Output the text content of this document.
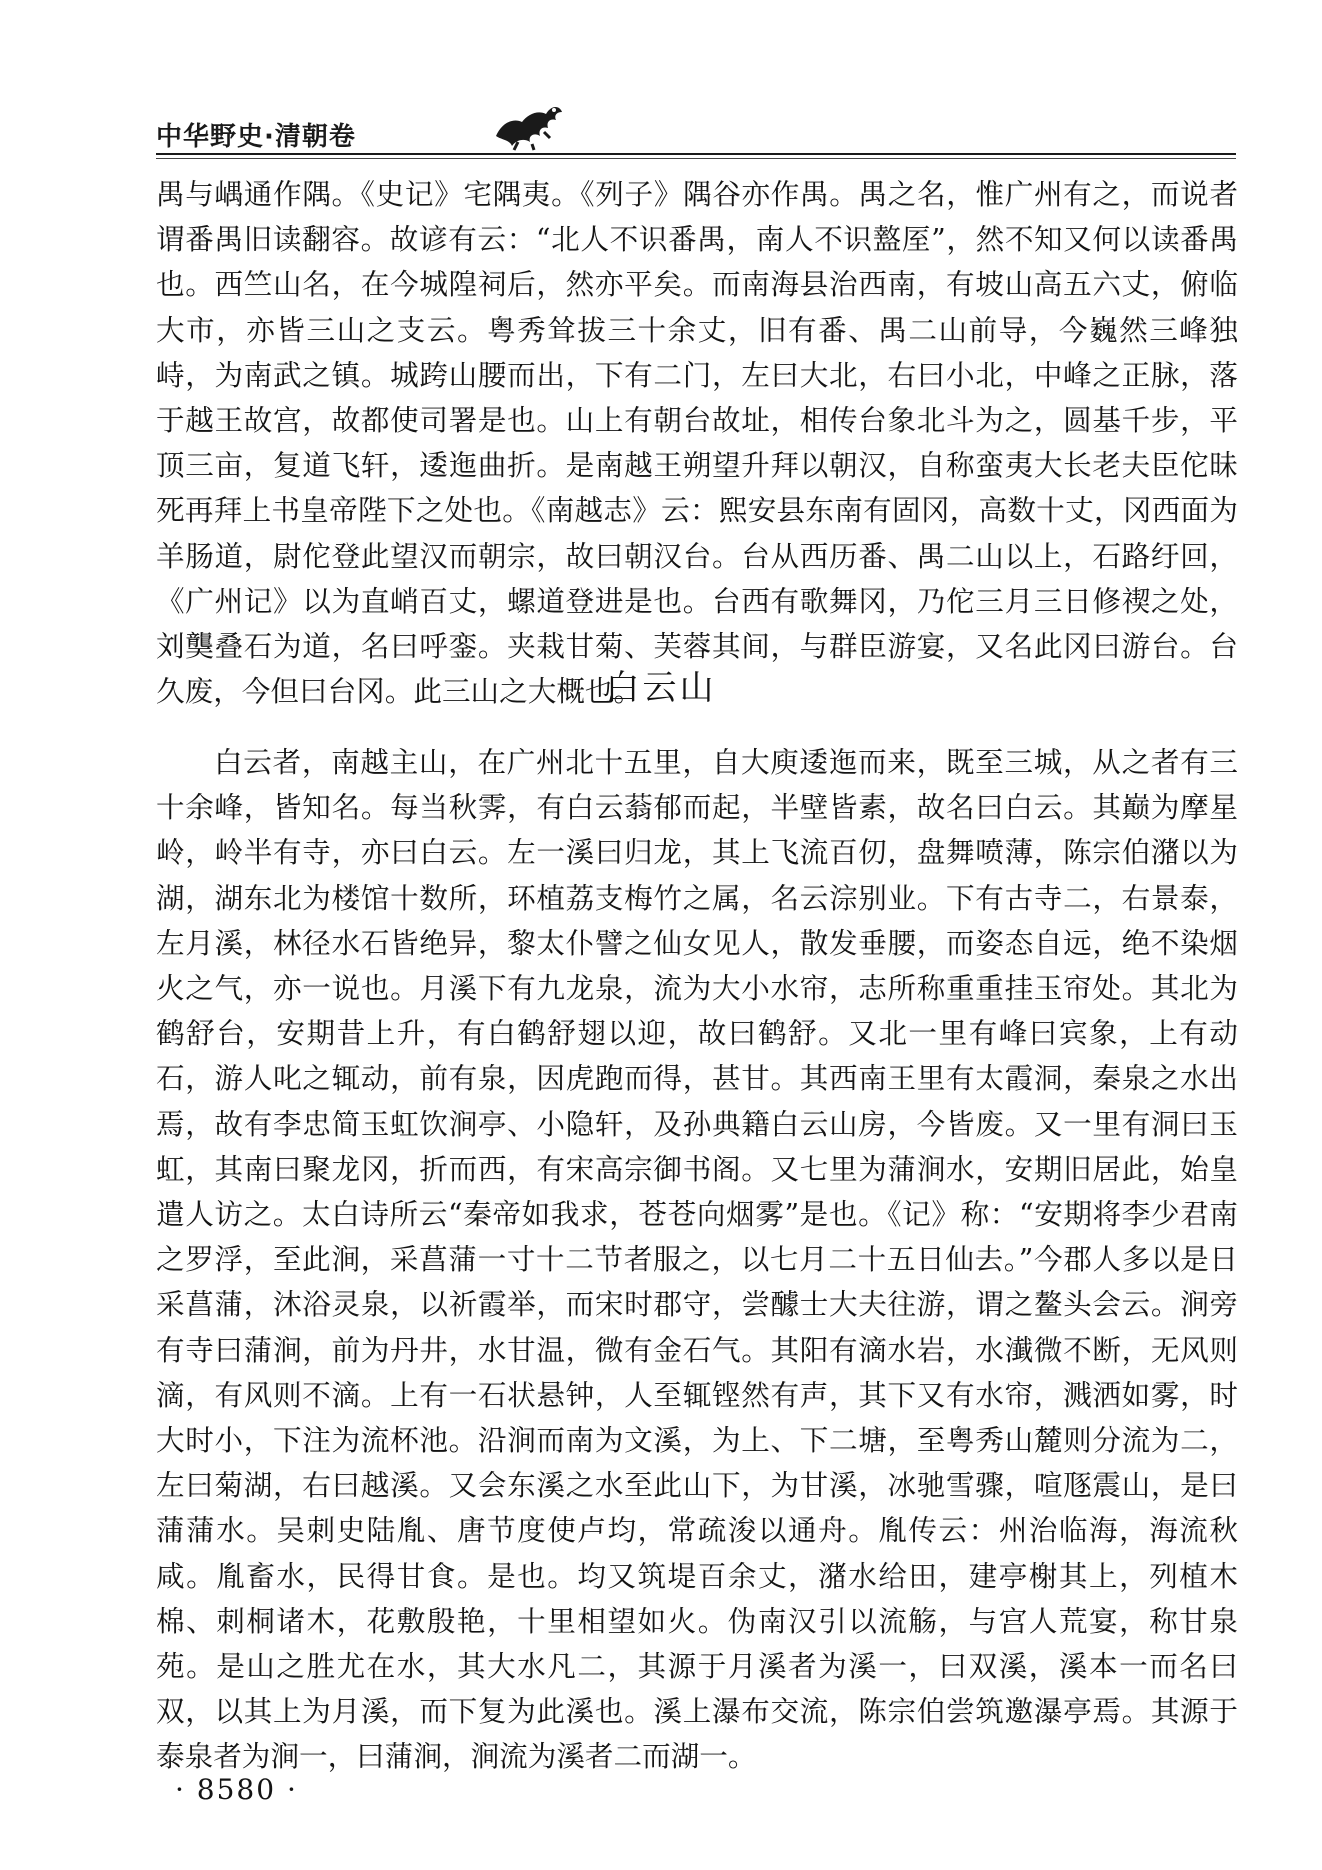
中华野史·清朝卷

禺与嵎通作隅。《史记》宅隅夷。《列子》隅谷亦作禺。禺之名，惟广州有之，而说者谓番禺旧读翻容。故谚有云：“北人不识番禺，南人不识盩厔”，然不知又何以读番禺也。西竺山名，在今城隍祠后，然亦平矣。而南海县治西南，有坡山高五六丈，俯临大市，亦皆三山之支云。粤秀耸拔三十余丈，旧有番、禺二山前导，今巍然三峰独峙，为南武之镇。城跨山腰而出，下有二门，左曰大北，右曰小北，中峰之正脉，落于越王故宫，故都使司署是也。山上有朝台故址，相传台象北斗为之，圆基千步，平顶三亩，复道飞轩，逶迤曲折。是南越王朔望升拜以朝汉，自称蛮夷大长老夫臣佗昧死再拜上书皇帝陛下之处也。《南越志》云：熙安县东南有固冈，高数十丈，冈西面为羊肠道，尉佗登此望汉而朝宗，故曰朝汉台。台从西历番、禺二山以上，石路纡回，《广州记》以为直峭百丈，螺道登进是也。台西有歌舞冈，乃佗三月三日修禊之处，刘龑叠石为道，名曰呼銮。夹栽甘菊、芙蓉其间，与群臣游宴，又名此冈曰游台。台久废，今但曰台冈。此三山之大概也。

白云山

白云者，南越主山，在广州北十五里，自大庾逶迤而来，既至三城，从之者有三十余峰，皆知名。每当秋霁，有白云蓊郁而起，半壁皆素，故名曰白云。其巅为摩星岭，岭半有寺，亦曰白云。左一溪曰归龙，其上飞流百仞，盘舞喷薄，陈宗伯潴以为湖，湖东北为楼馆十数所，环植荔支梅竹之属，名云淙别业。下有古寺二，右景泰，左月溪，林径水石皆绝异，黎太仆譬之仙女见人，散发垂腰，而姿态自远，绝不染烟火之气，亦一说也。月溪下有九龙泉，流为大小水帘，志所称重重挂玉帘处。其北为鹤舒台，安期昔上升，有白鹤舒翅以迎，故曰鹤舒。又北一里有峰曰宾象，上有动石，游人叱之辄动，前有泉，因虎跑而得，甚甘。其西南王里有太霞洞，秦泉之水出焉，故有李忠简玉虹饮涧亭、小隐轩，及孙典籍白云山房，今皆废。又一里有洞曰玉虹，其南曰聚龙冈，折而西，有宋高宗御书阁。又七里为蒲涧水，安期旧居此，始皇遣人访之。太白诗所云“秦帝如我求，苍苍向烟雾”是也。《记》称：“安期将李少君南之罗浮，至此涧，采菖蒲一寸十二节者服之，以七月二十五日仙去。”今郡人多以是日采菖蒲，沐浴灵泉，以祈霞举，而宋时郡守，尝醵士大夫往游，谓之鳌头会云。涧旁有寺曰蒲涧，前为丹井，水甘温，微有金石气。其阳有滴水岩，水瀐微不断，无风则滴，有风则不滴。上有一石状悬钟，人至辄铿然有声，其下又有水帘，溅洒如雾，时大时小，下注为流杯池。沿涧而南为文溪，为上、下二塘，至粤秀山麓则分流为二，左曰菊湖，右曰越溪。又会东溪之水至此山下，为甘溪，冰驰雪骤，喧豗震山，是曰蒲蒲水。吴刺史陆胤、唐节度使卢均，常疏浚以通舟。胤传云：州治临海，海流秋咸。胤畜水，民得甘食。是也。均又筑堤百余丈，潴水给田，建亭榭其上，列植木棉、刺桐诸木，花敷殷艳，十里相望如火。伪南汉引以流觞，与宫人荒宴，称甘泉苑。是山之胜尤在水，其大水凡二，其源于月溪者为溪一，曰双溪，溪本一而名曰双，以其上为月溪，而下复为此溪也。溪上瀑布交流，陈宗伯尝筑邀瀑亭焉。其源于泰泉者为涧一，曰蒲涧，涧流为溪者二而湖一。

· 8580 ·
